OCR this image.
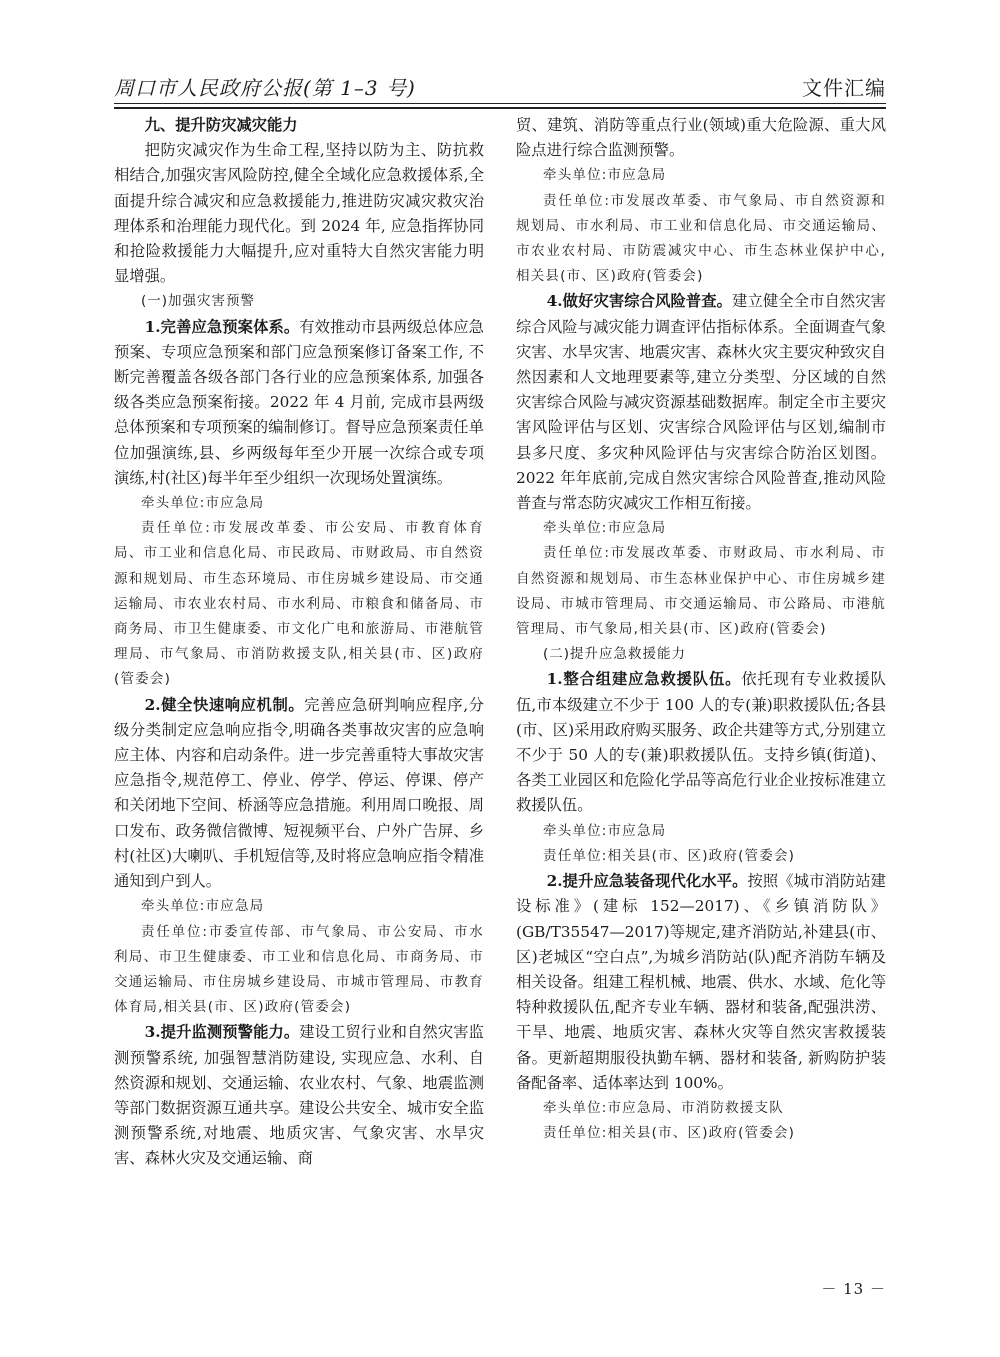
周口市人民政府公报(第 1–3 号)	文件汇编

九、提升防灾减灾能力

把防灾减灾作为生命工程,坚持以防为主、防抗救相结合,加强灾害风险防控,健全全域化应急救援体系,全面提升综合减灾和应急救援能力,推进防灾减灾救灾治理体系和治理能力现代化。到 2024 年, 应急指挥协同和抢险救援能力大幅提升,应对重特大自然灾害能力明显增强。

(一)加强灾害预警

1.完善应急预案体系。有效推动市县两级总体应急预案、专项应急预案和部门应急预案修订备案工作, 不断完善覆盖各级各部门各行业的应急预案体系, 加强各级各类应急预案衔接。2022 年 4 月前, 完成市县两级总体预案和专项预案的编制修订。督导应急预案责任单位加强演练,县、乡两级每年至少开展一次综合或专项演练,村(社区)每半年至少组织一次现场处置演练。

牵头单位:市应急局

责任单位:市发展改革委、市公安局、市教育体育局、市工业和信息化局、市民政局、市财政局、市自然资源和规划局、市生态环境局、市住房城乡建设局、市交通运输局、市农业农村局、市水利局、市粮食和储备局、市商务局、市卫生健康委、市文化广电和旅游局、市港航管理局、市气象局、市消防救援支队,相关县(市、区)政府(管委会)

2.健全快速响应机制。完善应急研判响应程序,分级分类制定应急响应指令,明确各类事故灾害的应急响应主体、内容和启动条件。进一步完善重特大事故灾害应急指令,规范停工、停业、停学、停运、停课、停产和关闭地下空间、桥涵等应急措施。利用周口晚报、周口发布、政务微信微博、短视频平台、户外广告屏、乡村(社区)大喇叭、手机短信等,及时将应急响应指令精准通知到户到人。

牵头单位:市应急局

责任单位:市委宣传部、市气象局、市公安局、市水利局、市卫生健康委、市工业和信息化局、市商务局、市交通运输局、市住房城乡建设局、市城市管理局、市教育体育局,相关县(市、区)政府(管委会)

3.提升监测预警能力。建设工贸行业和自然灾害监测预警系统, 加强智慧消防建设, 实现应急、水利、自然资源和规划、交通运输、农业农村、气象、地震监测等部门数据资源互通共享。建设公共安全、城市安全监测预警系统,对地震、地质灾害、气象灾害、水旱灾害、森林火灾及交通运输、商

贸、建筑、消防等重点行业(领域)重大危险源、重大风险点进行综合监测预警。

牵头单位:市应急局

责任单位:市发展改革委、市气象局、市自然资源和规划局、市水利局、市工业和信息化局、市交通运输局、市农业农村局、市防震减灾中心、市生态林业保护中心,相关县(市、区)政府(管委会)

4.做好灾害综合风险普查。建立健全全市自然灾害综合风险与减灾能力调查评估指标体系。全面调查气象灾害、水旱灾害、地震灾害、森林火灾主要灾种致灾自然因素和人文地理要素等,建立分类型、分区域的自然灾害综合风险与减灾资源基础数据库。制定全市主要灾害风险评估与区划、灾害综合风险评估与区划,编制市县多尺度、多灾种风险评估与灾害综合防治区划图。2022 年年底前,完成自然灾害综合风险普查,推动风险普查与常态防灾减灾工作相互衔接。

牵头单位:市应急局

责任单位:市发展改革委、市财政局、市水利局、市自然资源和规划局、市生态林业保护中心、市住房城乡建设局、市城市管理局、市交通运输局、市公路局、市港航管理局、市气象局,相关县(市、区)政府(管委会)

(二)提升应急救援能力

1.整合组建应急救援队伍。依托现有专业救援队伍,市本级建立不少于 100 人的专(兼)职救援队伍;各县(市、区)采用政府购买服务、政企共建等方式,分别建立不少于 50 人的专(兼)职救援队伍。支持乡镇(街道)、各类工业园区和危险化学品等高危行业企业按标准建立救援队伍。

牵头单位:市应急局

责任单位:相关县(市、区)政府(管委会)

2.提升应急装备现代化水平。按照《城市消防站建设标准》(建标 152—2017)、《乡镇消防队》(GB/T35547—2017)等规定,建齐消防站,补建县(市、区)老城区“空白点”,为城乡消防站(队)配齐消防车辆及相关设备。组建工程机械、地震、供水、水域、危化等特种救援队伍,配齐专业车辆、器材和装备,配强洪涝、干旱、地震、地质灾害、森林火灾等自然灾害救援装备。更新超期服役执勤车辆、器材和装备, 新购防护装备配备率、适体率达到 100%。

牵头单位:市应急局、市消防救援支队

责任单位:相关县(市、区)政府(管委会)

－ 13 －
